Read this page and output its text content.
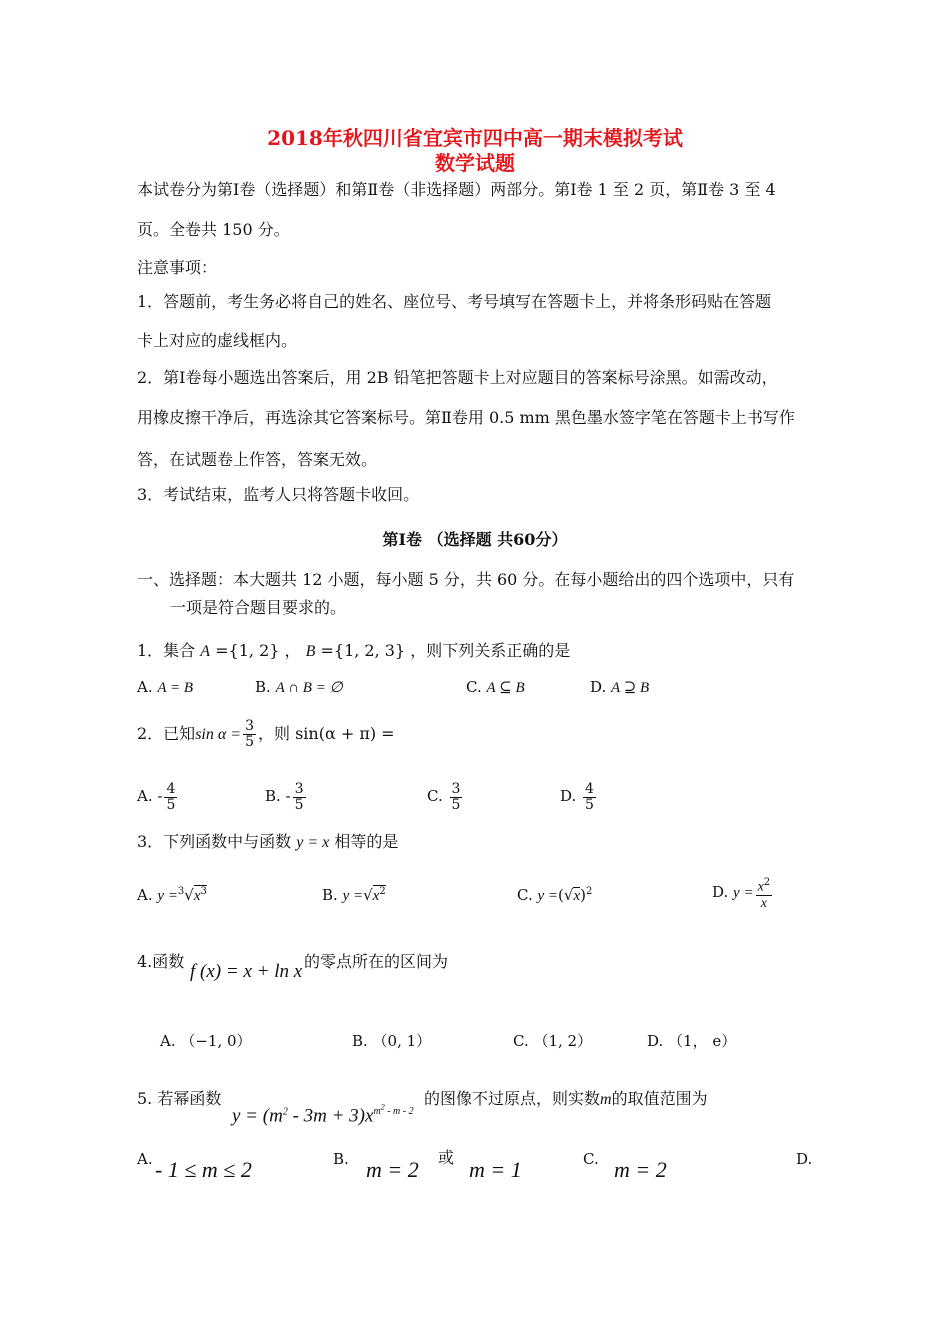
2018年秋四川省宜宾市四中高一期末模拟考试
数学试题
本试卷分为第Ⅰ卷（选择题）和第Ⅱ卷（非选择题）两部分。第Ⅰ卷 1 至 2 页，第Ⅱ卷 3 至 4
页。全卷共 150 分。
注意事项：
1．答题前，考生务必将自己的姓名、座位号、考号填写在答题卡上，并将条形码贴在答题
卡上对应的虚线框内。
2．第Ⅰ卷每小题选出答案后，用 2B 铅笔把答题卡上对应题目的答案标号涂黑。如需改动，
用橡皮擦干净后，再选涂其它答案标号。第Ⅱ卷用 0.5 mm 黑色墨水签字笔在答题卡上书写作
答，在试题卷上作答，答案无效。
3．考试结束，监考人只将答题卡收回。
第Ⅰ卷 （选择题 共60分）
一、选择题：本大题共 12 小题，每小题 5 分，共 60 分。在每小题给出的四个选项中，只有
一项是符合题目要求的。
1．集合 A ={1, 2} ， B ={1, 2, 3} ，则下列关系正确的是
A. A = B	B. A ∩ B = ∅	C. A ⊆ B	D. A ⊇ B
2．已知$\sin \alpha = \frac{3}{5}$ ，则 sin(α + π) =
A. - $\frac{4}{5}$	B. - $\frac{3}{5}$	C. $\frac{3}{5}$	D. $\frac{4}{5}$
3．下列函数中与函数 y = x 相等的是
A. $y =^3√x^3$	B. $y =√x^2$	C. $y =(√x)^2$	D. $y = \frac{x^2}{x}$
4.函数 f (x) = x + ln x 的零点所在的区间为
A. （−1, 0）	B. （0, 1）	C. （1, 2）	D. （1， e）
5. 若幂函数
$y = (m^2 - 3m + 3)x^{m^2 - m - 2}$
的图像不过原点，则实数m的取值范围为
A. - 1 ≤ m ≤ 2	B. m = 2 或 m = 1	C. m = 2	D.
